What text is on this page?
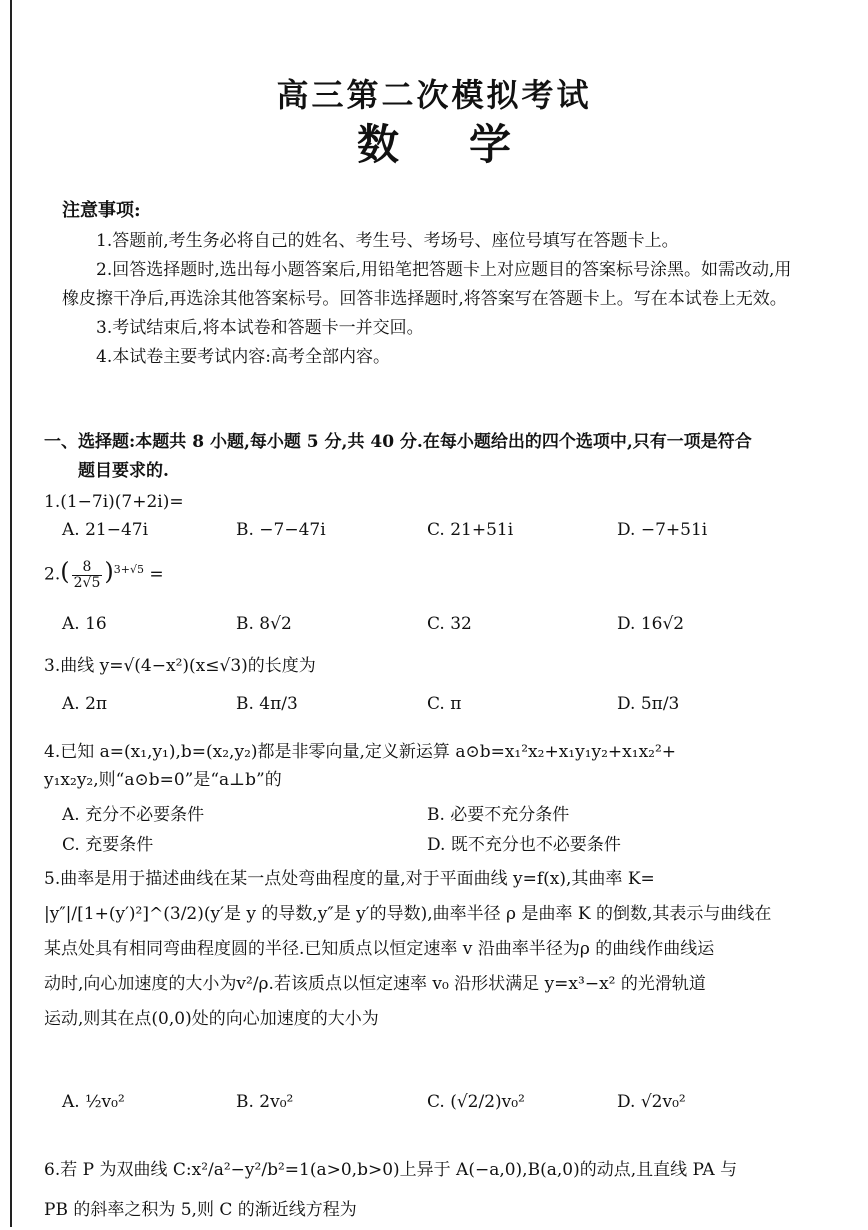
高三第二次模拟考试
数学
注意事项:
1.答题前,考生务必将自己的姓名、考生号、考场号、座位号填写在答题卡上。
2.回答选择题时,选出每小题答案后,用铅笔把答题卡上对应题目的答案标号涂黑。如需改动,用橡皮擦干净后,再选涂其他答案标号。回答非选择题时,将答案写在答题卡上。写在本试卷上无效。
3.考试结束后,将本试卷和答题卡一并交回。
4.本试卷主要考试内容:高考全部内容。
一、选择题:本题共 8 小题,每小题 5 分,共 40 分.在每小题给出的四个选项中,只有一项是符合
题目要求的.
1.(1−7i)(7+2i)=
A. 21−47i	B. −7−47i	C. 21+51i	D. −7+51i
$2.( \frac{8}{2√5} )^{3+√5}$ =
A. 16	B. 8√2	C. 32	D. 16√2
3.曲线 y=√(4−x²)(x≤√3)的长度为
A. 2π	B. 4π/3	C. π	D. 5π/3
4.已知 a=(x₁,y₁),b=(x₂,y₂)都是非零向量,定义新运算 a⊙b=x₁²x₂+x₁y₁y₂+x₁x₂²+
y₁x₂y₂,则“a⊙b=0”是“a⊥b”的
A. 充分不必要条件	B. 必要不充分条件
C. 充要条件	D. 既不充分也不必要条件
5.曲率是用于描述曲线在某一点处弯曲程度的量,对于平面曲线 y=f(x),其曲率 K=
|y″|/[1+(y′)²]^(3/2)(y′是 y 的导数,y″是 y′的导数),曲率半径 ρ 是曲率 K 的倒数,其表示与曲线在
某点处具有相同弯曲程度圆的半径.已知质点以恒定速率 v 沿曲率半径为ρ 的曲线作曲线运
动时,向心加速度的大小为v²/ρ.若该质点以恒定速率 v₀ 沿形状满足 y=x³−x² 的光滑轨道
运动,则其在点(0,0)处的向心加速度的大小为
A. ½v₀²	B. 2v₀²	C. (√2/2)v₀²	D. √2v₀²
6.若 P 为双曲线 C:x²/a²−y²/b²=1(a>0,b>0)上异于 A(−a,0),B(a,0)的动点,且直线 PA 与
PB 的斜率之积为 5,则 C 的渐近线方程为
